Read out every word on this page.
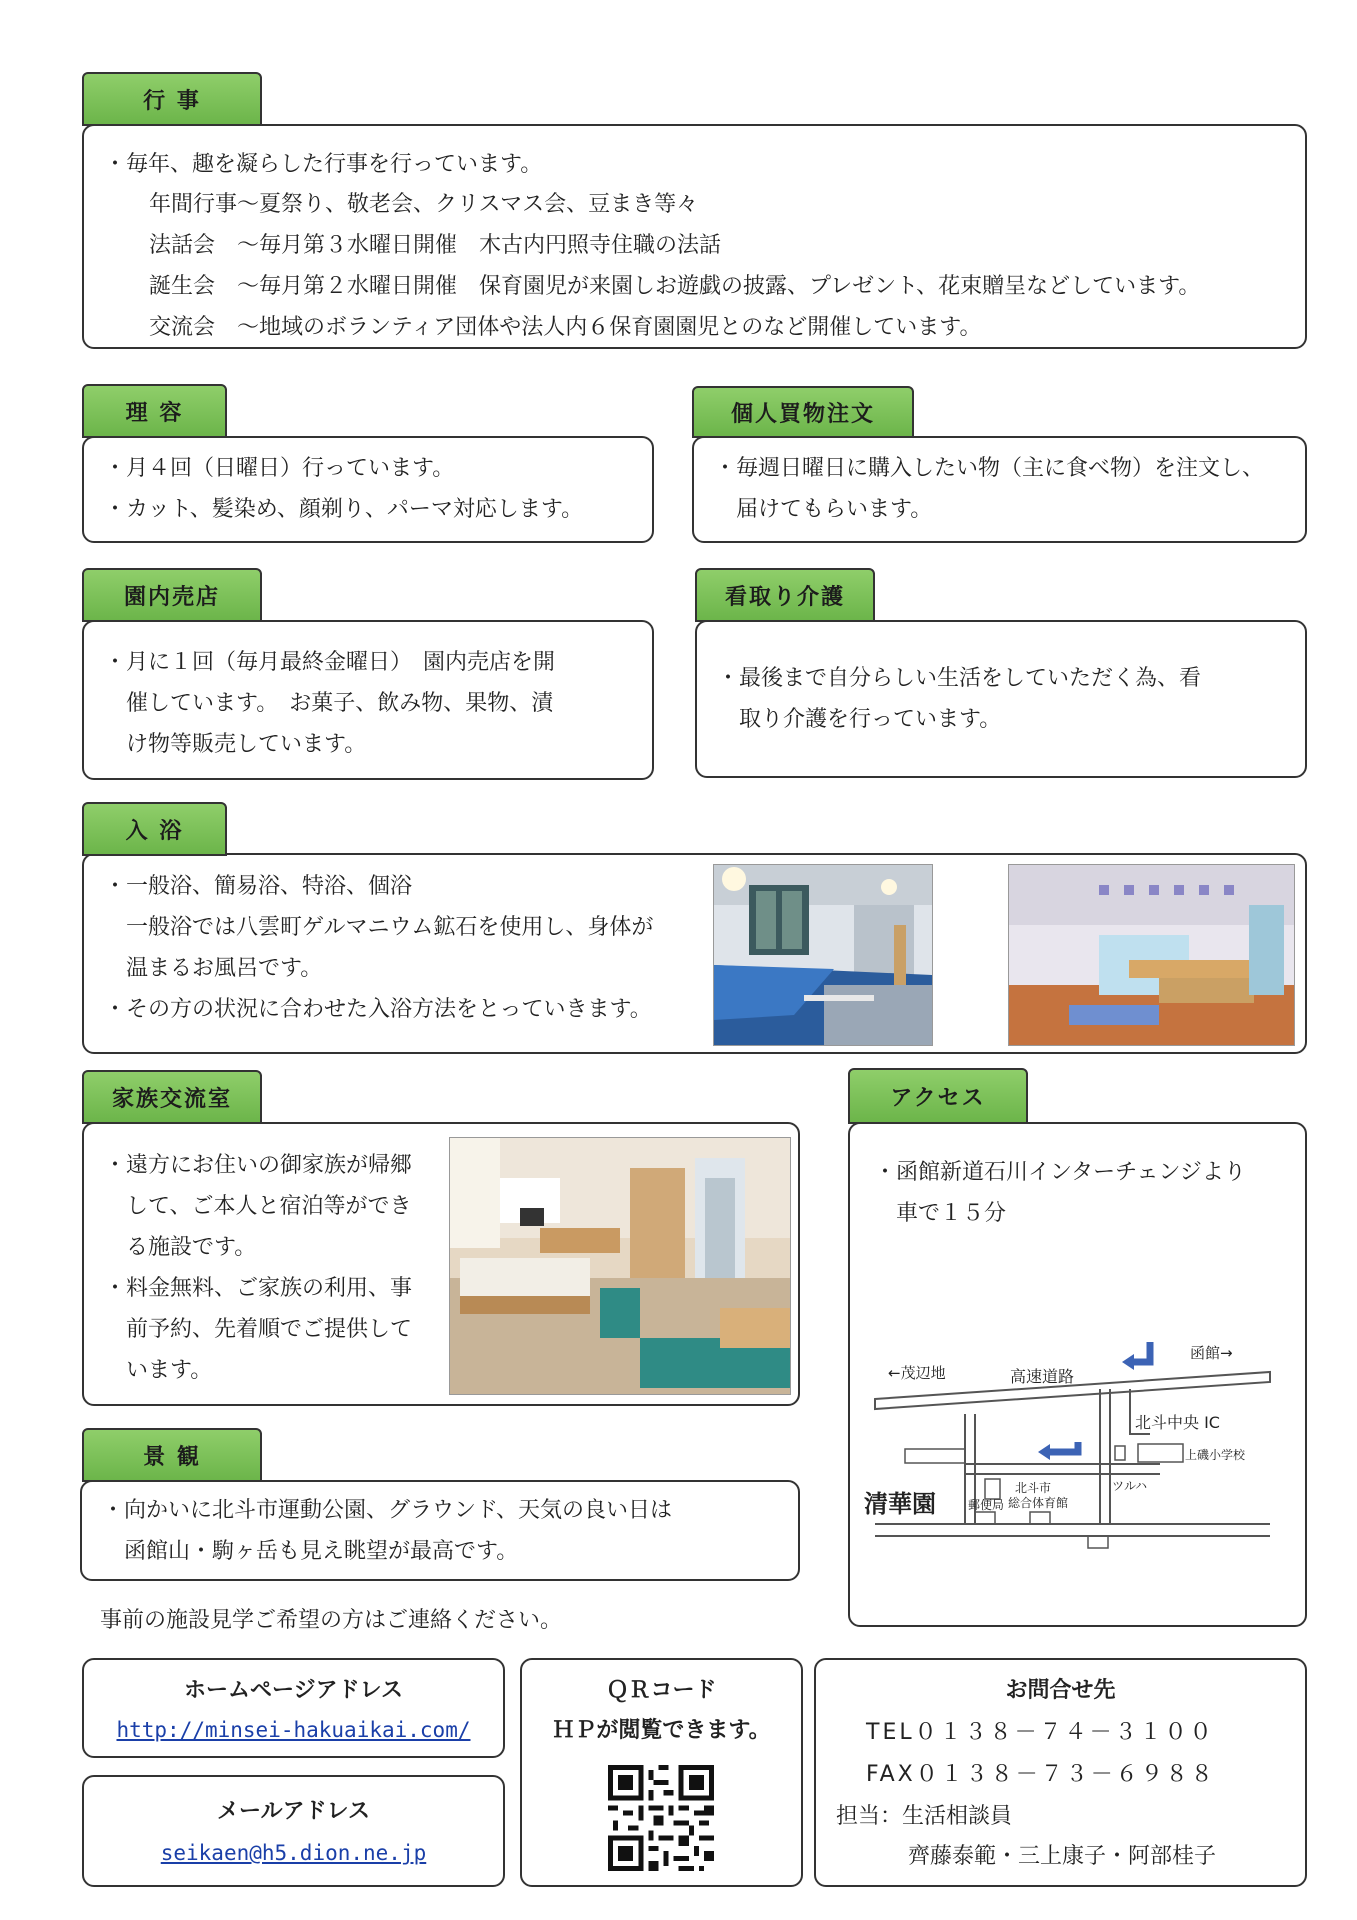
行 事
・毎年、趣を凝らした行事を行っています。
年間行事～夏祭り、敬老会、クリスマス会、豆まき等々
法話会　～毎月第３水曜日開催　木古内円照寺住職の法話
誕生会　～毎月第２水曜日開催　保育園児が来園しお遊戯の披露、プレゼント、花束贈呈などしています。
交流会　～地域のボランティア団体や法人内６保育園園児とのなど開催しています。
理 容
・月４回（日曜日）行っています。
・カット、髪染め、顔剃り、パーマ対応します。
個人買物注文
・毎週日曜日に購入したい物（主に食べ物）を注文し、
届けてもらいます。
園内売店
・月に１回（毎月最終金曜日）　園内売店を開
催しています。　お菓子、飲み物、果物、漬
け物等販売しています。
看取り介護
・最後まで自分らしい生活をしていただく為、看
取り介護を行っています。
入 浴
・一般浴、簡易浴、特浴、個浴
一般浴では八雲町ゲルマニウム鉱石を使用し、身体が
温まるお風呂です。
・その方の状況に合わせた入浴方法をとっていきます。
家族交流室
・遠方にお住いの御家族が帰郷
して、ご本人と宿泊等ができ
る施設です。
・料金無料、ご家族の利用、事
前予約、先着順でご提供して
います。
景 観
・向かいに北斗市運動公園、グラウンド、天気の良い日は
函館山・駒ヶ岳も見え眺望が最高です。
アクセス
・函館新道石川インターチェンジより
車で１５分
←茂辺地	高速道路
函館→
北斗中央 IC
上磯小学校
ツルハ
清華園
北斗市
総合体育館
郵便局
事前の施設見学ご希望の方はご連絡ください。
ホームページアドレス
http://minsei-hakuaikai.com/
メールアドレス
seikaen@h5.dion.ne.jp
ＱＲコード
ＨＰが閲覧できます。
お問合せ先
TEL０１３８－７４－３１００
FAX０１３８－７３－６９８８
担当：生活相談員
齊藤泰範・三上康子・阿部桂子
